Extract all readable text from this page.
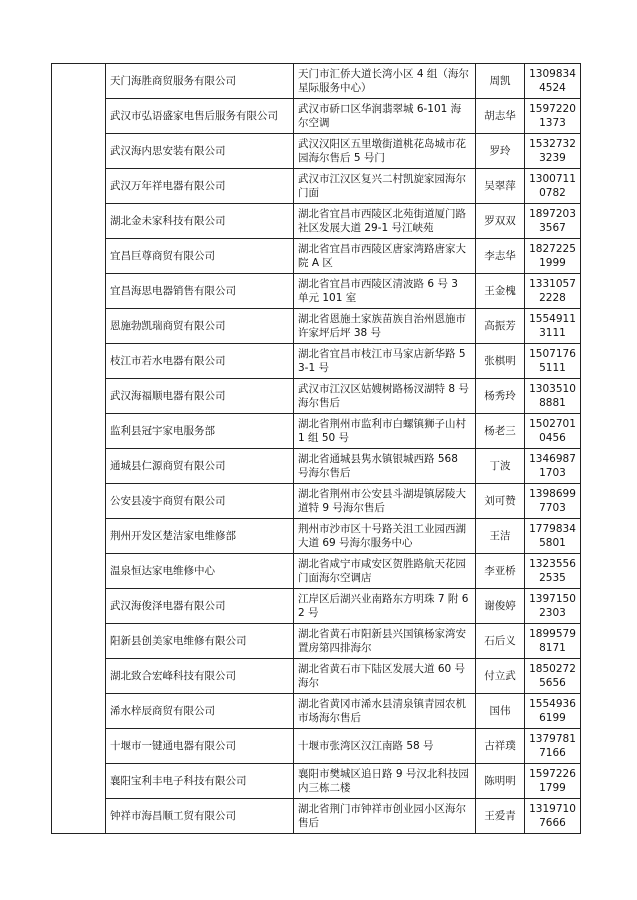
	天门海胜商贸服务有限公司	天门市汇侨大道长湾小区 4 组（海尔星际服务中心）	周凯	13098344524
	武汉市弘语盛家电售后服务有限公司	武汉市硚口区华润翡翠城 6-101 海尔空调	胡志华	15972201373
	武汉海内思安装有限公司	武汉汉阳区五里墩街道桃花岛城市花园海尔售后 5 号门	罗玲	15327323239
	武汉万年祥电器有限公司	武汉市江汉区复兴二村凯旋家园海尔门面	吴翠萍	13007110782
	湖北金未家科技有限公司	湖北省宜昌市西陵区北苑街道厦门路社区发展大道 29-1 号江峡苑	罗双双	18972033567
	宜昌巨尊商贸有限公司	湖北省宜昌市西陵区唐家湾路唐家大院 A 区	李志华	18272251999
	宜昌海思电器销售有限公司	湖北省宜昌市西陵区清波路 6 号 3 单元 101 室	王金槐	13310572228
	恩施勃凯瑞商贸有限公司	湖北省恩施土家族苗族自治州恩施市许家坪后坪 38 号	高振芳	15549113111
	枝江市若水电器有限公司	湖北省宜昌市枝江市马家店新华路 53-1 号	张棋明	15071765111
	武汉海福顺电器有限公司	武汉市江汉区姑嫂树路杨汊湖特 8 号海尔售后	杨秀玲	13035108881
	监利县冠宇家电服务部	湖北省荆州市监利市白螺镇狮子山村 1 组 50 号	杨老三	15027010456
	通城县仁源商贸有限公司	湖北省通城县隽水镇银城西路 568 号海尔售后	丁波	13469871703
	公安县凌宇商贸有限公司	湖北省荆州市公安县斗湖堤镇孱陵大道特 9 号海尔售后	刘可赞	13986997703
	荆州开发区楚洁家电维修部	荆州市沙市区十号路关沮工业园西湖大道 69 号海尔服务中心	王洁	17798345801
	温泉恒达家电维修中心	湖北省咸宁市咸安区贺胜路航天花园门面海尔空调店	李亚桥	13235562535
	武汉海俊泽电器有限公司	江岸区后湖兴业南路东方明珠 7 附 62 号	谢俊婷	13971502303
	阳新县创美家电维修有限公司	湖北省黄石市阳新县兴国镇杨家湾安置房第四排海尔	石后义	18995798171
	湖北致合宏峰科技有限公司	湖北省黄石市下陆区发展大道 60 号海尔	付立武	18502725656
	浠水梓辰商贸有限公司	湖北省黄冈市浠水县清泉镇青园农机市场海尔售后	国伟	15549366199
	十堰市一键通电器有限公司	十堰市张湾区汉江南路 58 号	古祥璞	13797817166
	襄阳宝利丰电子科技有限公司	襄阳市樊城区追日路 9 号汉北科技园内三栋二楼	陈明明	15972261799
	钟祥市海昌顺工贸有限公司	湖北省荆门市钟祥市创业园小区海尔售后	王爱青	13197107666
